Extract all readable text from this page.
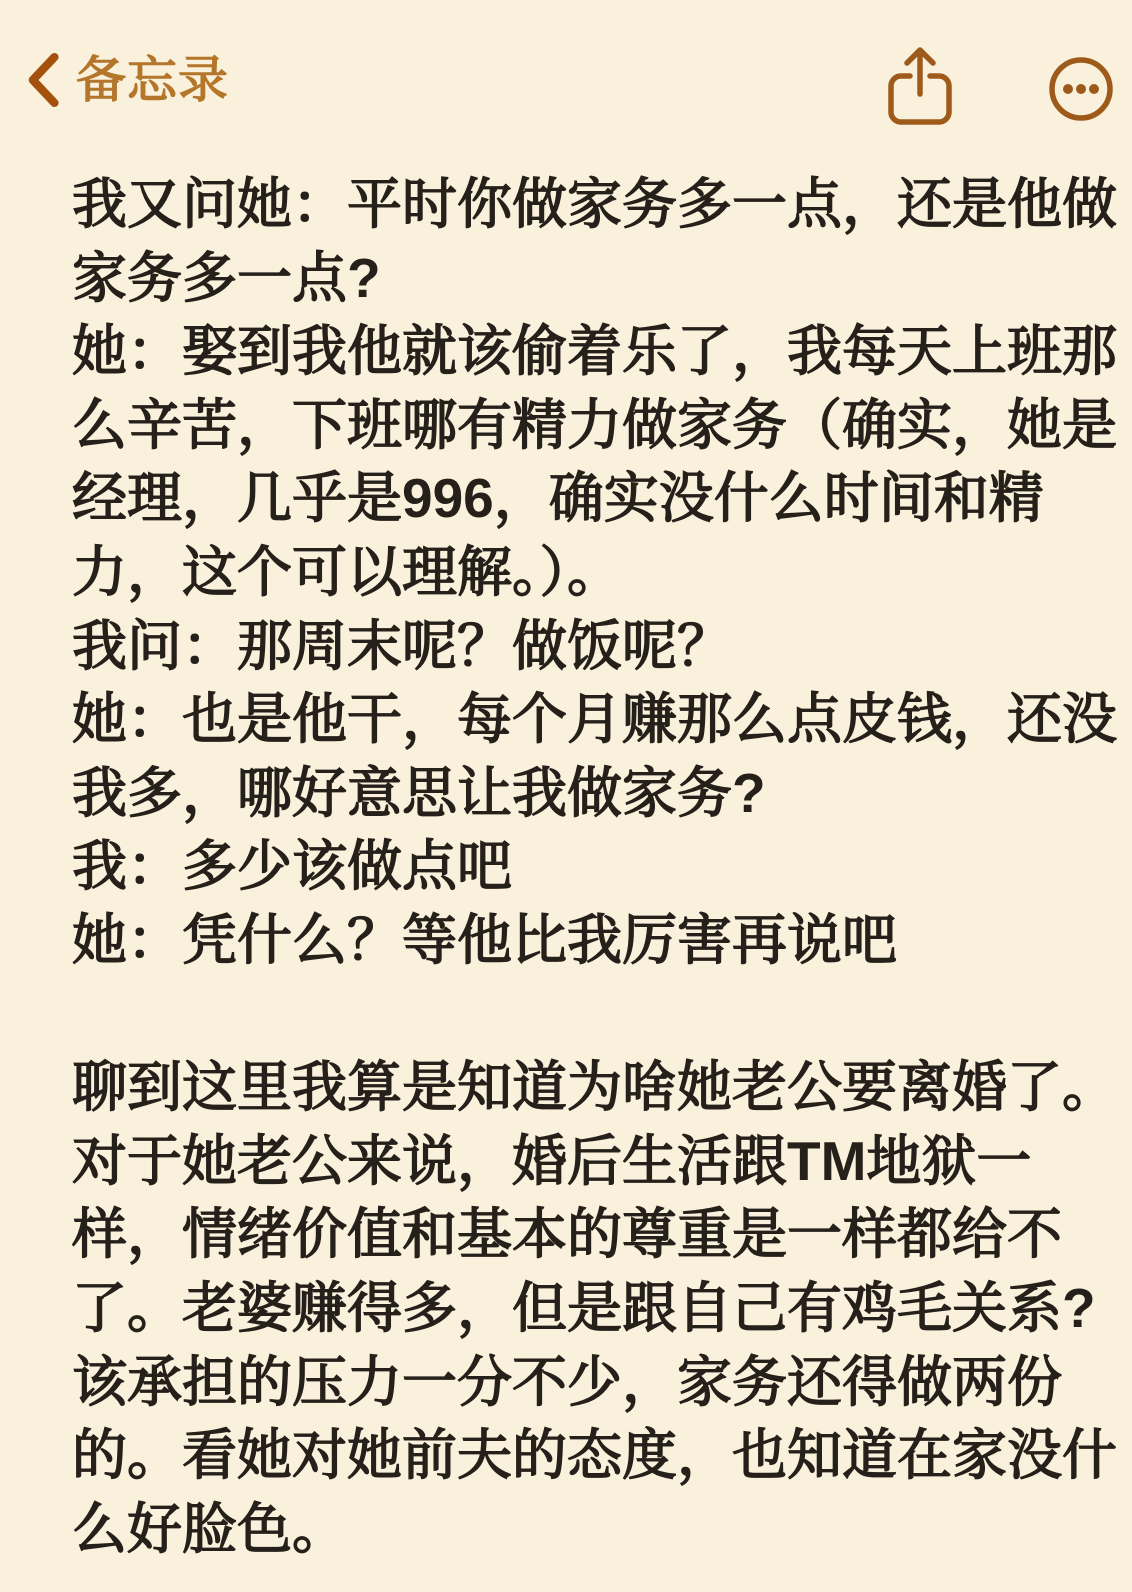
备忘录
我又问她：平时你做家务多一点，还是他做
家务多一点?
她：娶到我他就该偷着乐了，我每天上班那
么辛苦，下班哪有精力做家务（确实，她是
经理，几乎是996，确实没什么时间和精
力，这个可以理解。）。
我问：那周末呢？做饭呢？
她：也是他干，每个月赚那么点皮钱，还没
我多，哪好意思让我做家务?
我：多少该做点吧
她：凭什么？等他比我厉害再说吧
聊到这里我算是知道为啥她老公要离婚了。
对于她老公来说，婚后生活跟TM地狱一
样，情绪价值和基本的尊重是一样都给不
了。老婆赚得多，但是跟自己有鸡毛关系?
该承担的压力一分不少，家务还得做两份
的。看她对她前夫的态度，也知道在家没什
么好脸色。
